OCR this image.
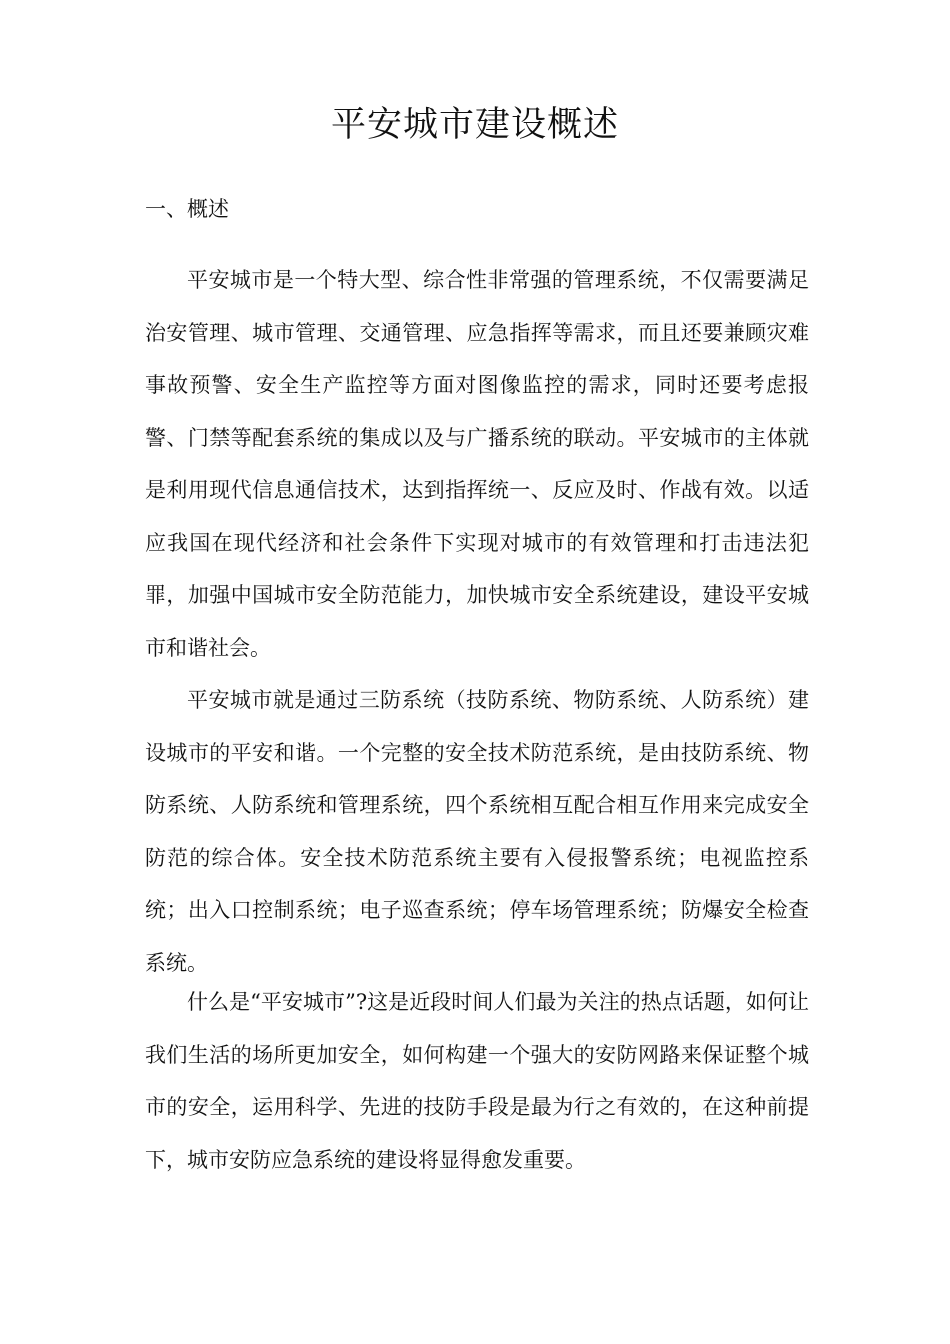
平安城市建设概述
一、概述

平安城市是一个特大型、综合性非常强的管理系统，不仅需要满足治安管理、城市管理、交通管理、应急指挥等需求，而且还要兼顾灾难事故预警、安全生产监控等方面对图像监控的需求，同时还要考虑报警、门禁等配套系统的集成以及与广播系统的联动。平安城市的主体就是利用现代信息通信技术，达到指挥统一、反应及时、作战有效。以适应我国在现代经济和社会条件下实现对城市的有效管理和打击违法犯罪，加强中国城市安全防范能力，加快城市安全系统建设，建设平安城市和谐社会。

平安城市就是通过三防系统（技防系统、物防系统、人防系统）建设城市的平安和谐。一个完整的安全技术防范系统，是由技防系统、物防系统、人防系统和管理系统，四个系统相互配合相互作用来完成安全防范的综合体。安全技术防范系统主要有入侵报警系统；电视监控系统；出入口控制系统；电子巡查系统；停车场管理系统；防爆安全检查系统。

什么是“平安城市”?这是近段时间人们最为关注的热点话题，如何让我们生活的场所更加安全，如何构建一个强大的安防网路来保证整个城市的安全，运用科学、先进的技防手段是最为行之有效的，在这种前提下，城市安防应急系统的建设将显得愈发重要。
